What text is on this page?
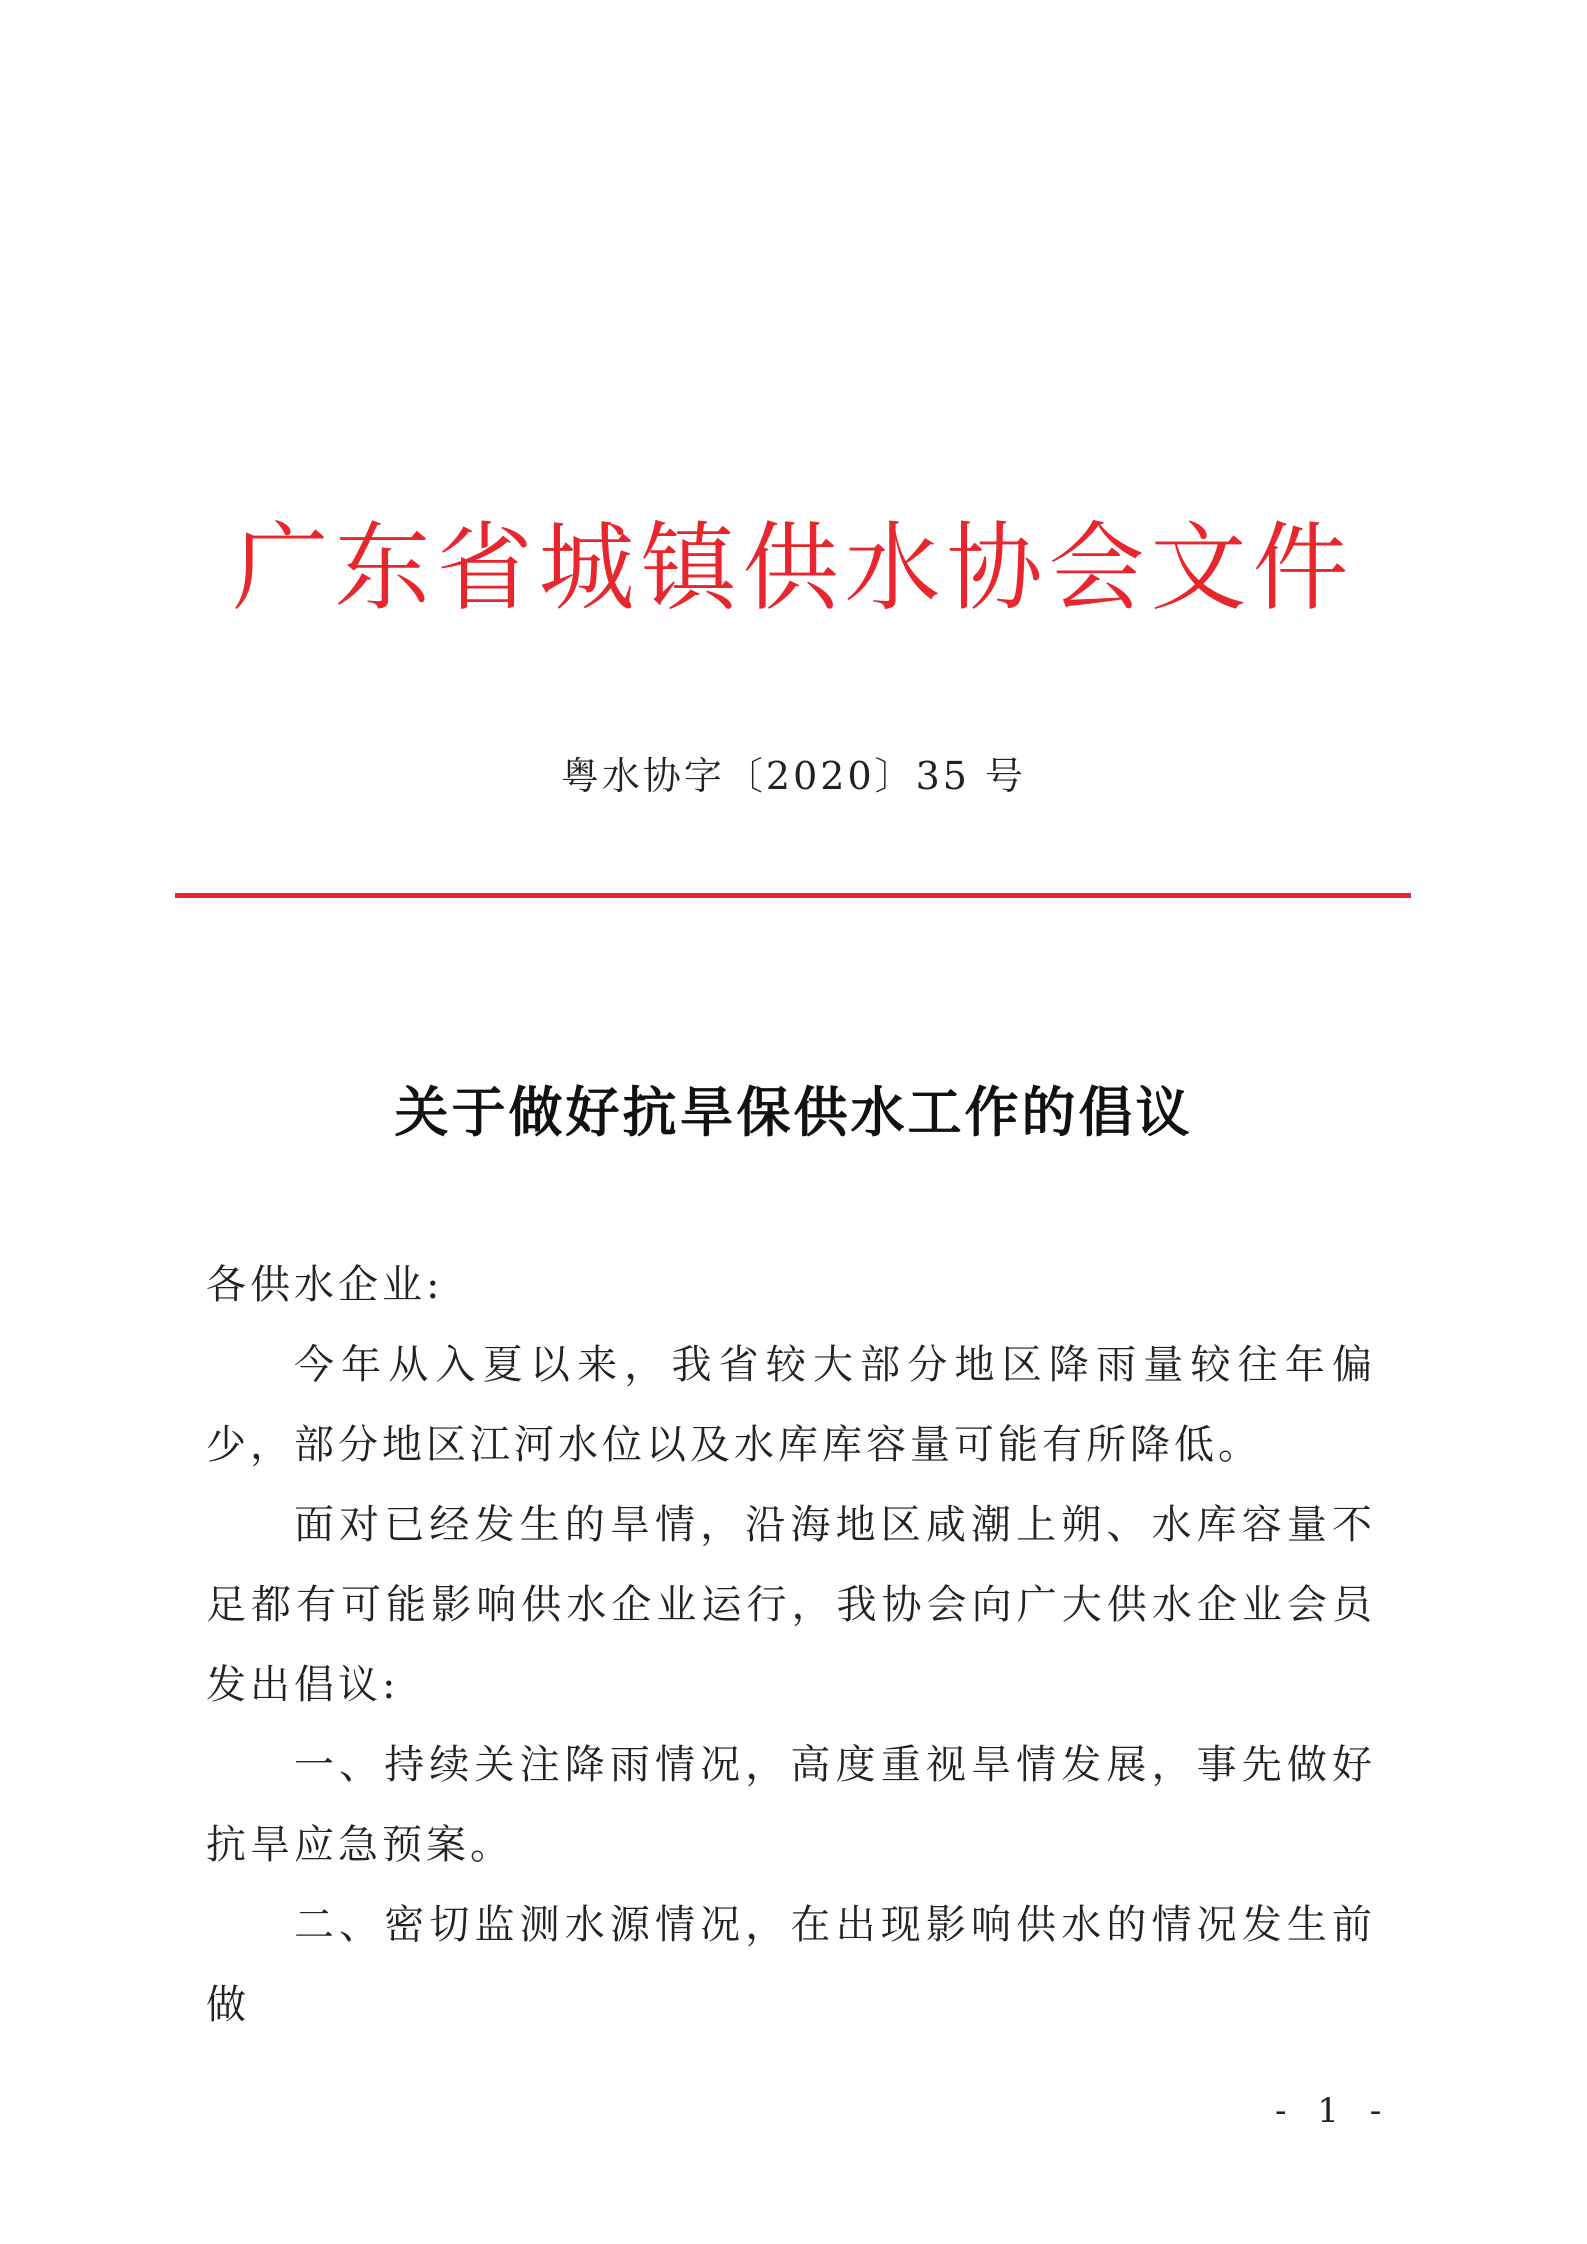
广东省城镇供水协会文件
粤水协字〔2020〕35 号
关于做好抗旱保供水工作的倡议

各供水企业:

今年从入夏以来，我省较大部分地区降雨量较往年偏少，部分地区江河水位以及水库库容量可能有所降低。

面对已经发生的旱情，沿海地区咸潮上朔、水库容量不足都有可能影响供水企业运行，我协会向广大供水企业会员发出倡议:

一、持续关注降雨情况，高度重视旱情发展，事先做好抗旱应急预案。

二、密切监测水源情况，在出现影响供水的情况发生前做

- 1 -
